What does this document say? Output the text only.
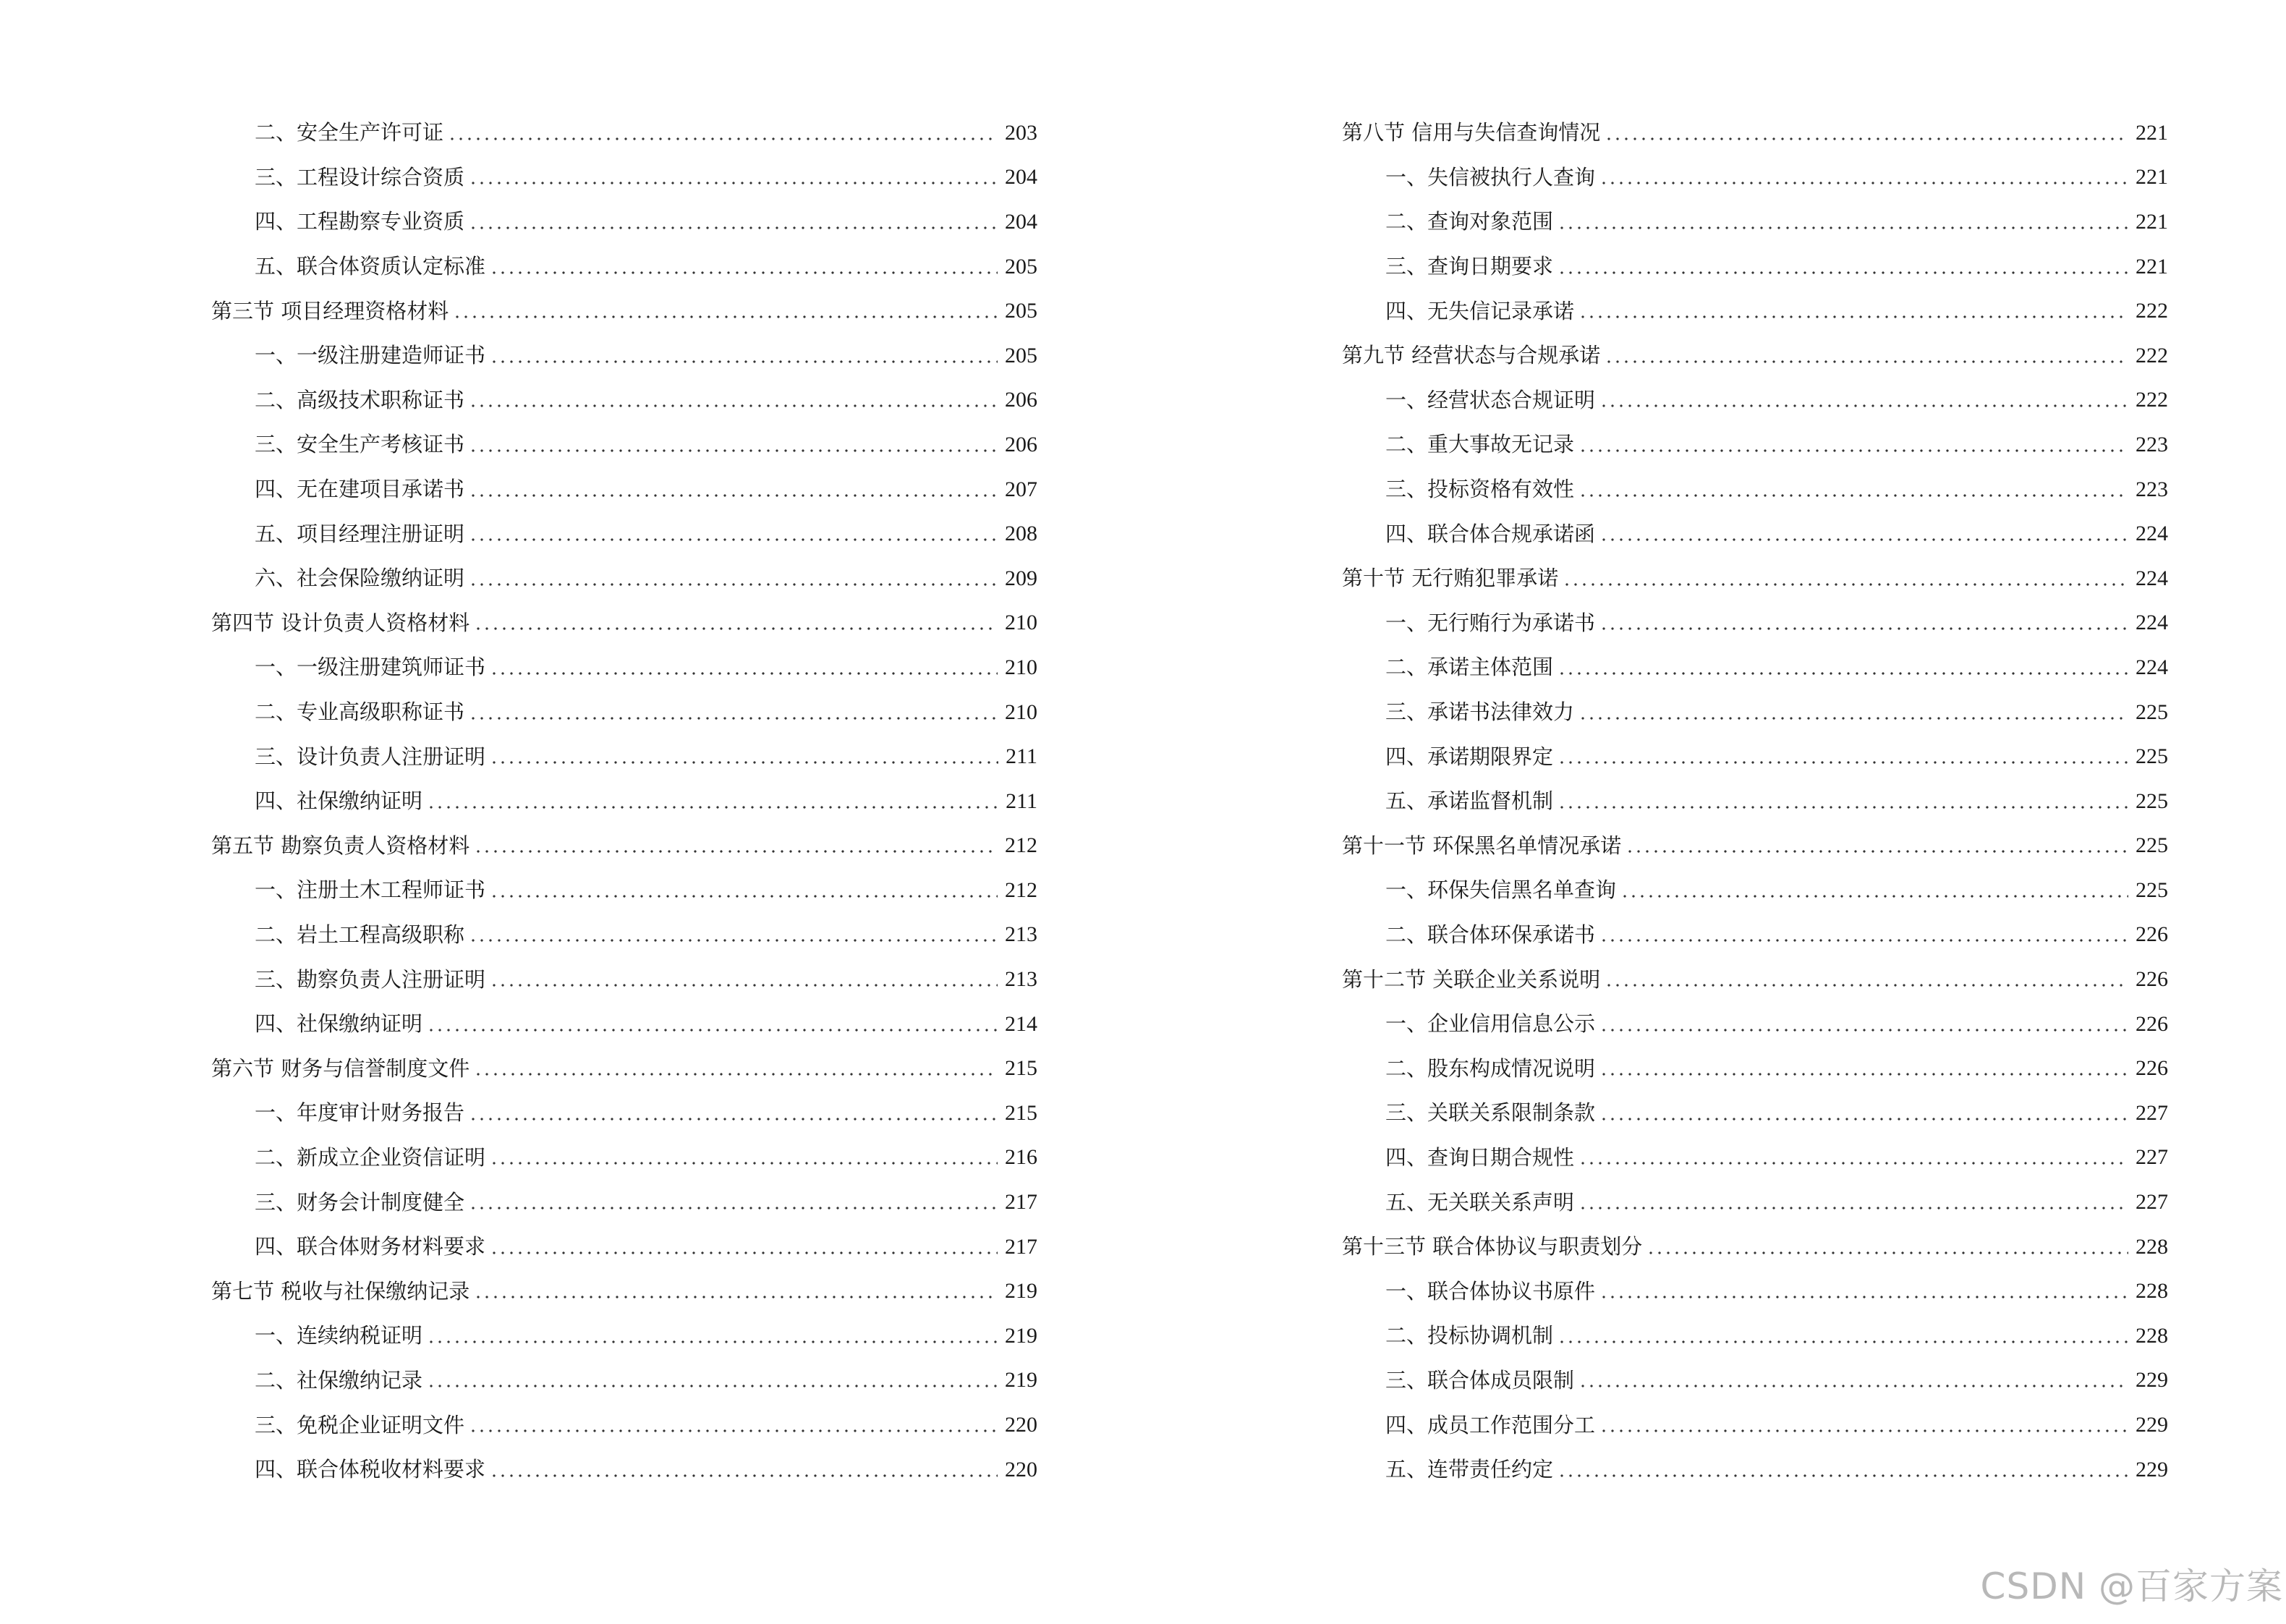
二、安全生产许可证	203
三、工程设计综合资质	204
四、工程勘察专业资质	204
五、联合体资质认定标准	205
第三节 项目经理资格材料	205
一、一级注册建造师证书	205
二、高级技术职称证书	206
三、安全生产考核证书	206
四、无在建项目承诺书	207
五、项目经理注册证明	208
六、社会保险缴纳证明	209
第四节 设计负责人资格材料	210
一、一级注册建筑师证书	210
二、专业高级职称证书	210
三、设计负责人注册证明	211
四、社保缴纳证明	211
第五节 勘察负责人资格材料	212
一、注册土木工程师证书	212
二、岩土工程高级职称	213
三、勘察负责人注册证明	213
四、社保缴纳证明	214
第六节 财务与信誉制度文件	215
一、年度审计财务报告	215
二、新成立企业资信证明	216
三、财务会计制度健全	217
四、联合体财务材料要求	217
第七节 税收与社保缴纳记录	219
一、连续纳税证明	219
二、社保缴纳记录	219
三、免税企业证明文件	220
四、联合体税收材料要求	220
第八节 信用与失信查询情况	221
一、失信被执行人查询	221
二、查询对象范围	221
三、查询日期要求	221
四、无失信记录承诺	222
第九节 经营状态与合规承诺	222
一、经营状态合规证明	222
二、重大事故无记录	223
三、投标资格有效性	223
四、联合体合规承诺函	224
第十节 无行贿犯罪承诺	224
一、无行贿行为承诺书	224
二、承诺主体范围	224
三、承诺书法律效力	225
四、承诺期限界定	225
五、承诺监督机制	225
第十一节 环保黑名单情况承诺	225
一、环保失信黑名单查询	225
二、联合体环保承诺书	226
第十二节 关联企业关系说明	226
一、企业信用信息公示	226
二、股东构成情况说明	226
三、关联关系限制条款	227
四、查询日期合规性	227
五、无关联关系声明	227
第十三节 联合体协议与职责划分	228
一、联合体协议书原件	228
二、投标协调机制	228
三、联合体成员限制	229
四、成员工作范围分工	229
五、连带责任约定	229
CSDN @百家方案
